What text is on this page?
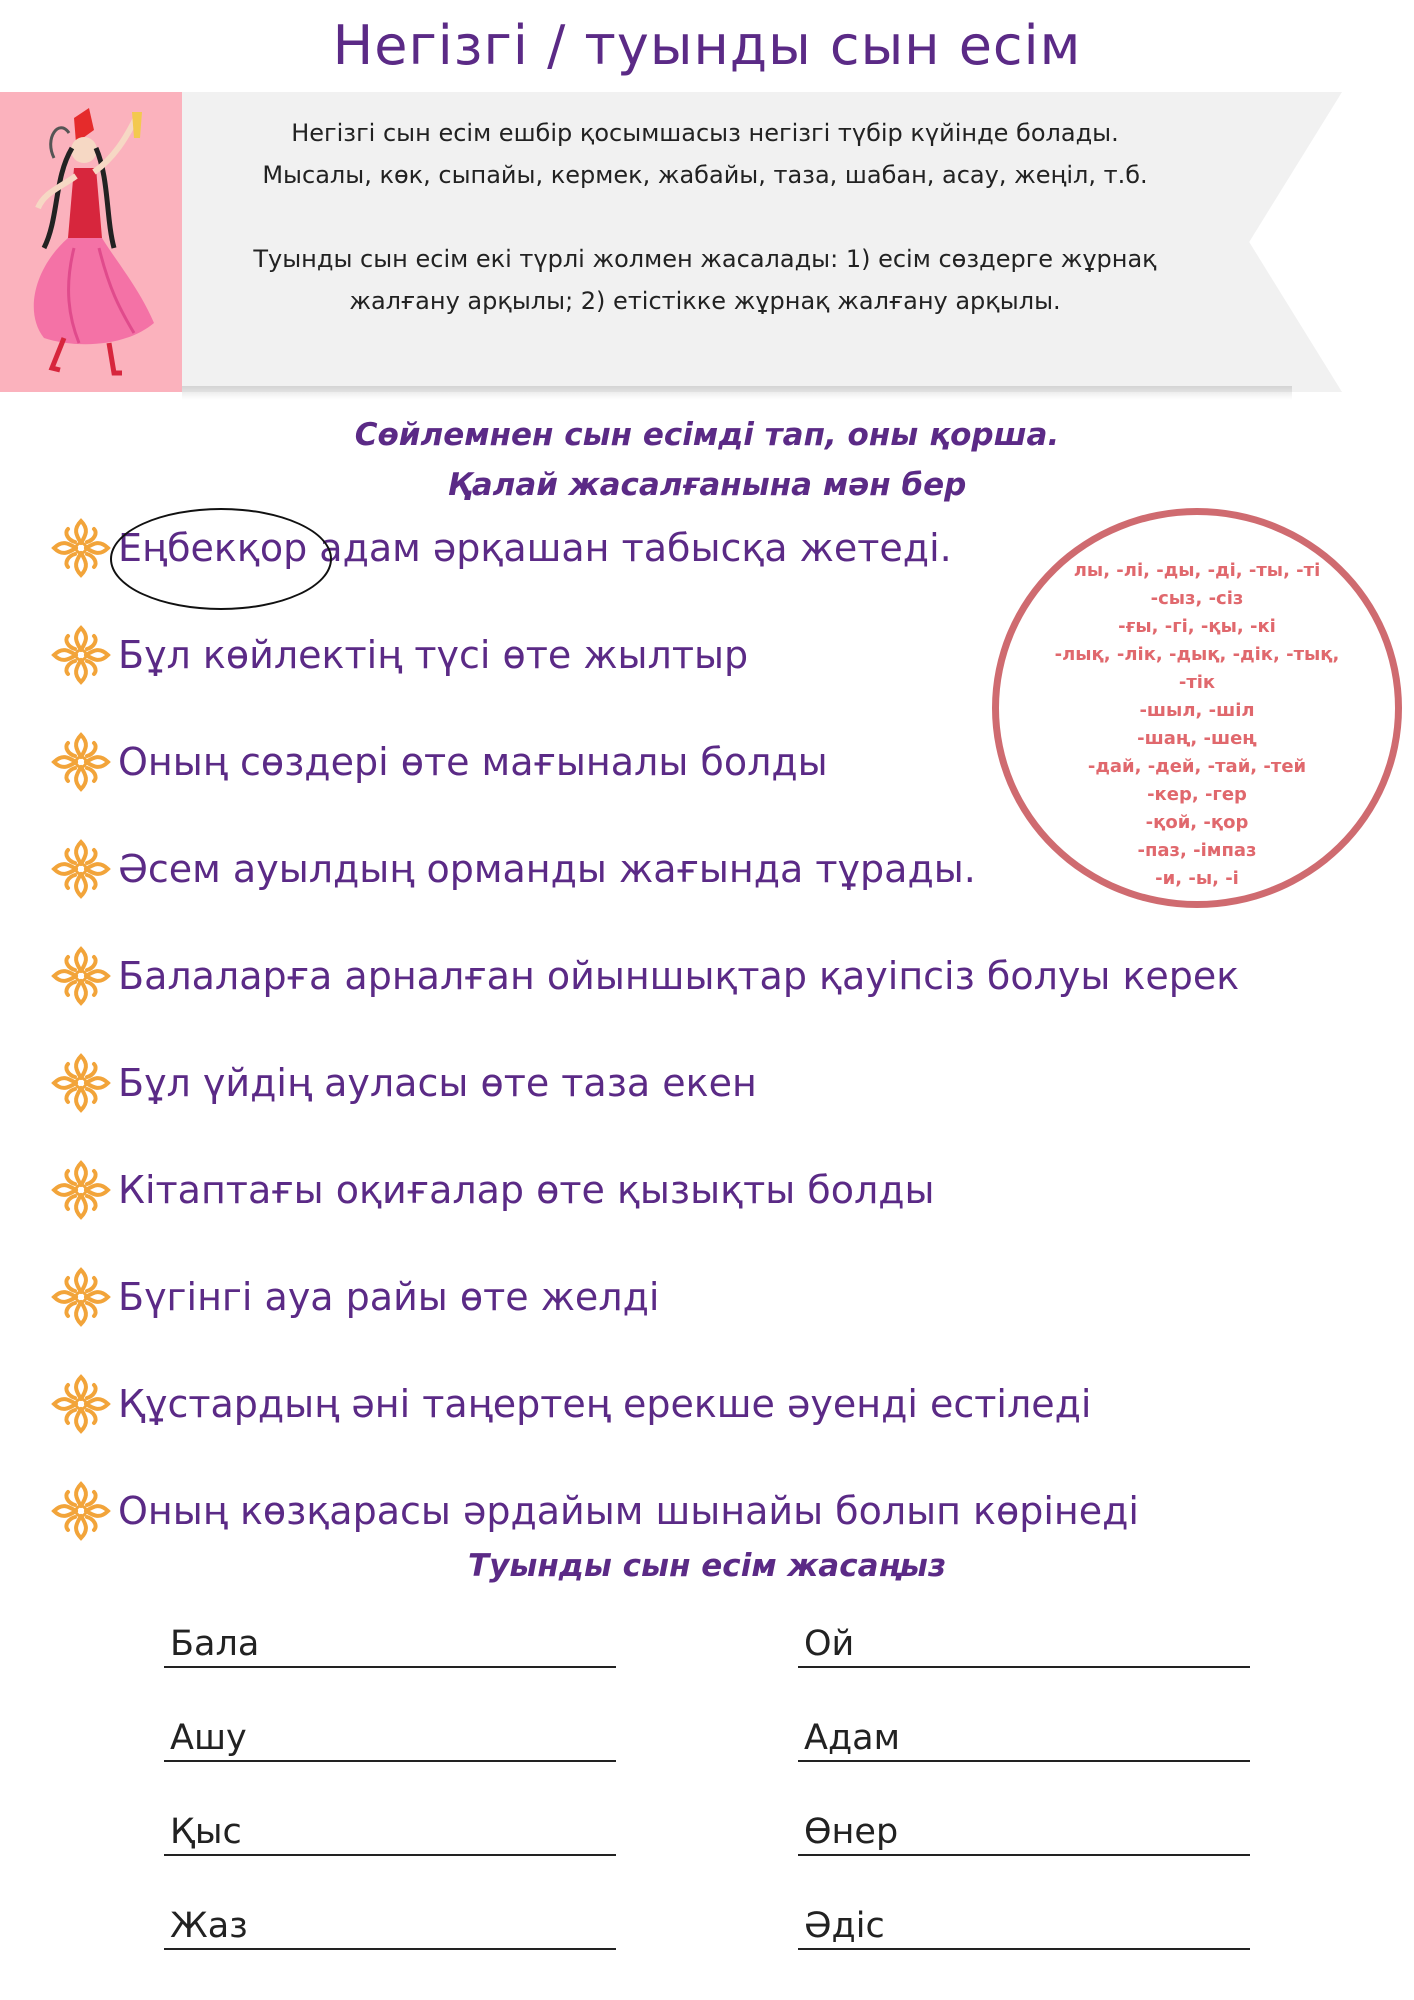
Негізгі / туынды сын есім

Негізгі сын есім ешбір қосымшасыз негізгі түбір күйінде болады. Мысалы, көк, сыпайы, кермек, жабайы, таза, шабан, асау, жеңіл, т.б.

Туынды сын есім екі түрлі жолмен жасалады: 1) есім сөздерге жұрнақ жалғану арқылы; 2) етістікке жұрнақ жалғану арқылы.

Сөйлемнен сын есімді тап, оны қорша.
Қалай жасалғанына мән бер
Еңбекқор адам әрқашан табысқа жетеді.
Бұл көйлектің түсі өте жылтыр
Оның сөздері өте мағыналы болды
Әсем ауылдың орманды жағында тұрады.
Балаларға арналған ойыншықтар қауіпсіз болуы керек
Бұл үйдің ауласы өте таза екен
Кітаптағы оқиғалар өте қызықты болды
Бүгінгі ауа райы өте желді
Құстардың әні таңертең ерекше әуенді естіледі
Оның көзқарасы әрдайым шынайы болып көрінеді
лы, -лі, -ды, -ді, -ты, -ті
-сыз, -сіз
-ғы, -гі, -қы, -кі
-лық, -лік, -дық, -дік, -тық,
-тік
-шыл, -шіл
-шаң, -шең
-дай, -дей, -тай, -тей
-кер, -гер
-қой, -қор
-паз, -імпаз
-и, -ы, -і
Туынды сын есім жасаңыз
Бала
Ашу
Қыс
Жаз
Ой
Адам
Өнер
Әдіс
